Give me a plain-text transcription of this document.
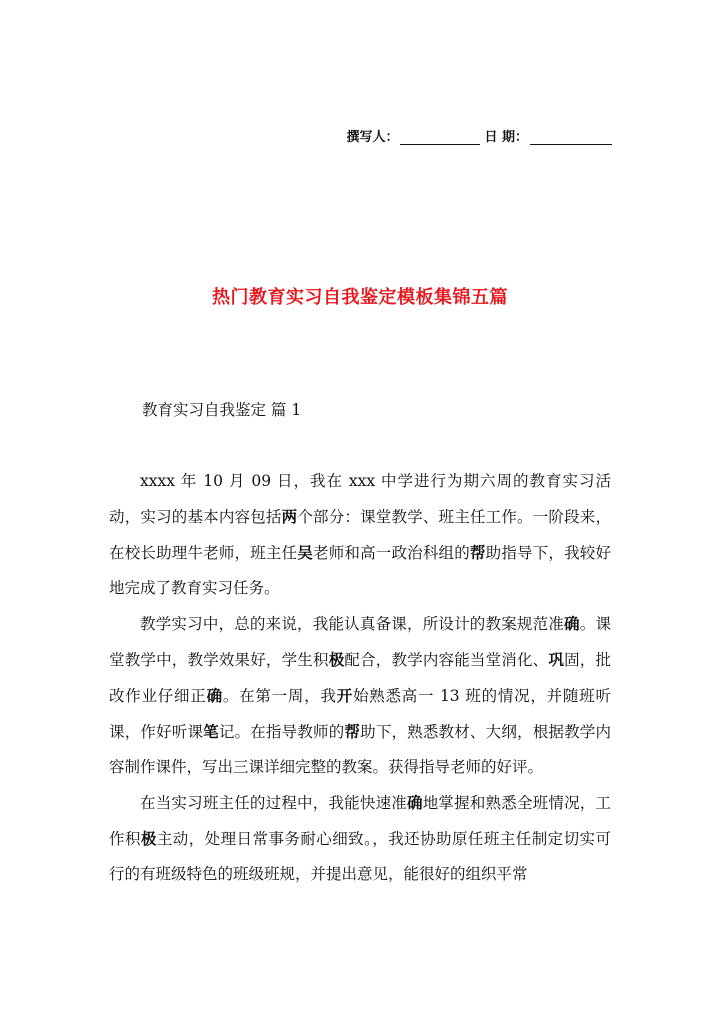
撰写人：	日 期：
热门教育实习自我鉴定模板集锦五篇
教育实习自我鉴定 篇 1

xxxx 年 10 月 09 日，我在 xxx 中学进行为期六周的教育实习活动，实习的基本内容包括两个部分：课堂教学、班主任工作。一阶段来，在校长助理牛老师，班主任吴老师和高一政治科组的帮助指导下，我较好地完成了教育实习任务。

教学实习中，总的来说，我能认真备课，所设计的教案规范准确。课堂教学中，教学效果好，学生积极配合，教学内容能当堂消化、巩固，批改作业仔细正确。在第一周，我开始熟悉高一 13 班的情况，并随班听课，作好听课笔记。在指导教师的帮助下，熟悉教材、大纲，根据教学内容制作课件，写出三课详细完整的教案。获得指导老师的好评。

在当实习班主任的过程中，我能快速准确地掌握和熟悉全班情况，工作积极主动，处理日常事务耐心细致。，我还协助原任班主任制定切实可行的有班级特色的班级班规，并提出意见，能很好的组织平常
